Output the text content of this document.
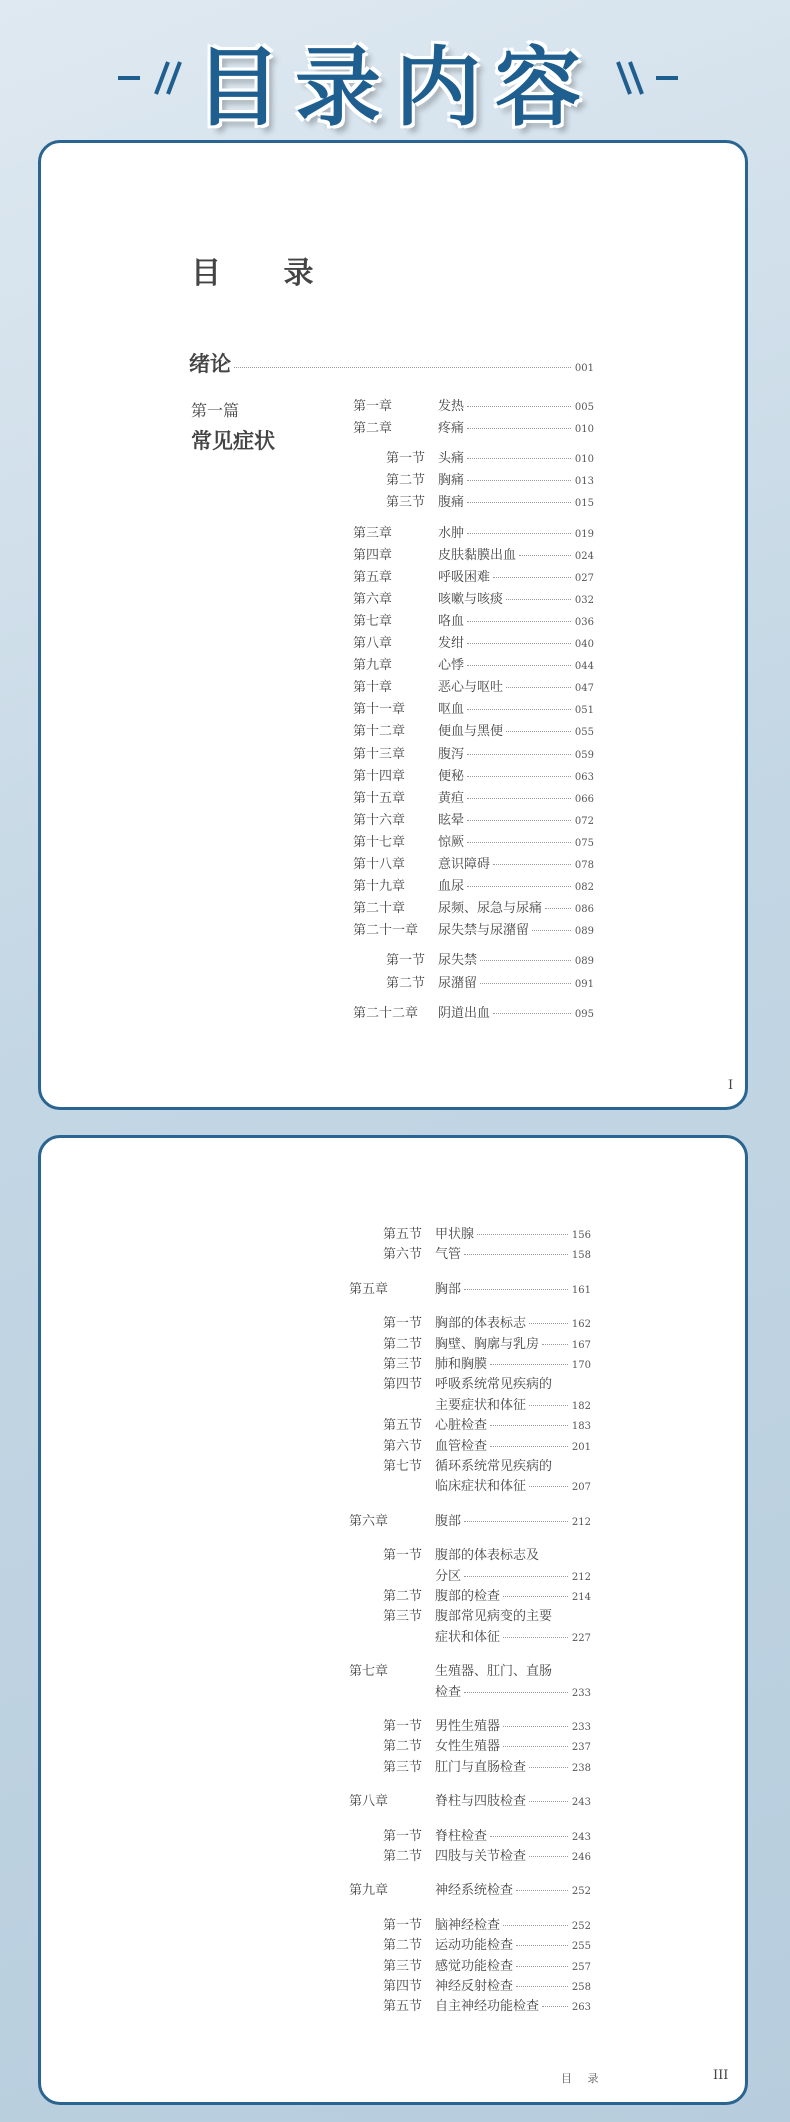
目录内容
目 录
绪论	001
第一篇
常见症状
第一章	发热	005
第二章	疼痛	010
第一节 头痛	010
第二节 胸痛	013
第三节 腹痛	015
第三章	水肿	019
第四章	皮肤黏膜出血	024
第五章	呼吸困难	027
第六章	咳嗽与咳痰	032
第七章	咯血	036
第八章	发绀	040
第九章	心悸	044
第十章	恶心与呕吐	047
第十一章	呕血	051
第十二章	便血与黑便	055
第十三章	腹泻	059
第十四章	便秘	063
第十五章	黄疸	066
第十六章	眩晕	072
第十七章	惊厥	075
第十八章	意识障碍	078
第十九章	血尿	082
第二十章	尿频、尿急与尿痛	086
第二十一章	尿失禁与尿潴留	089
第一节 尿失禁	089
第二节 尿潴留	091
第二十二章	阴道出血	095
I
第五节 甲状腺	156
第六节 气管	158
第五章	胸部	161
第一节 胸部的体表标志	162
第二节 胸壁、胸廓与乳房	167
第三节 肺和胸膜	170
第四节 呼吸系统常见疾病的
主要症状和体征	182
第五节 心脏检查	183
第六节 血管检查	201
第七节 循环系统常见疾病的
临床症状和体征	207
第六章	腹部	212
第一节 腹部的体表标志及
分区	212
第二节 腹部的检查	214
第三节 腹部常见病变的主要
症状和体征	227
第七章	生殖器、肛门、直肠
检查	233
第一节 男性生殖器	233
第二节 女性生殖器	237
第三节 肛门与直肠检查	238
第八章	脊柱与四肢检查	243
第一节 脊柱检查	243
第二节 四肢与关节检查	246
第九章	神经系统检查	252
第一节 脑神经检查	252
第二节 运动功能检查	255
第三节 感觉功能检查	257
第四节 神经反射检查	258
第五节 自主神经功能检查	263
目 录	III
